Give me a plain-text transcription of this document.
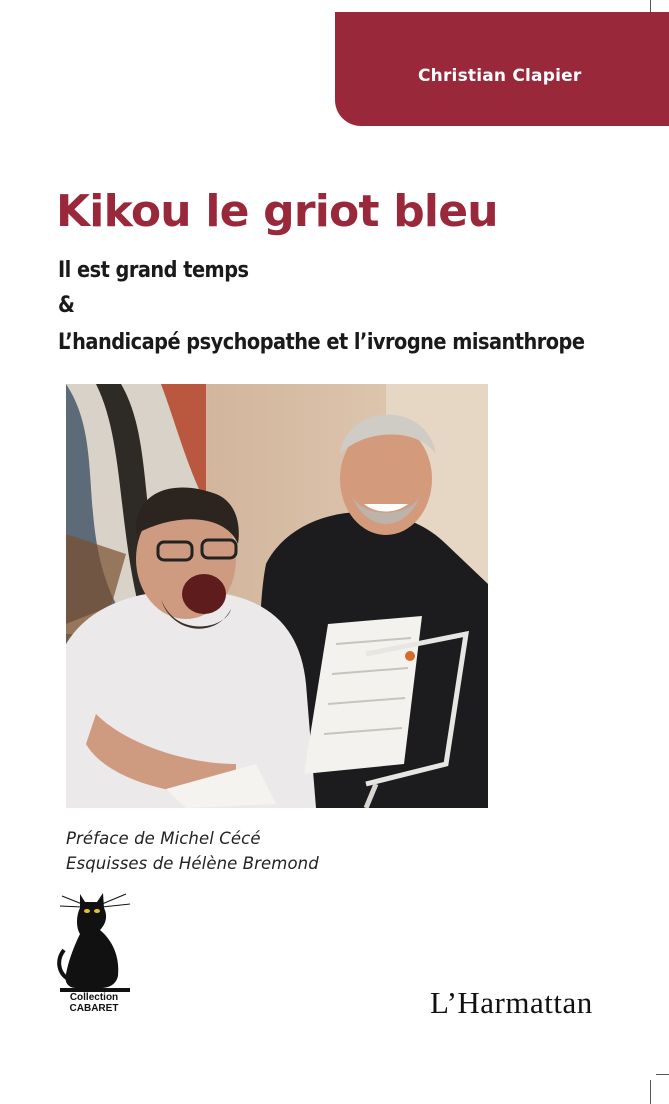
Christian Clapier
Kikou le griot bleu
Il est grand temps
&
L’handicapé psychopathe et l’ivrogne misanthrope
Préface de Michel Cécé
Esquisses de Hélène Bremond
Collection
CABARET	L’Harmattan
